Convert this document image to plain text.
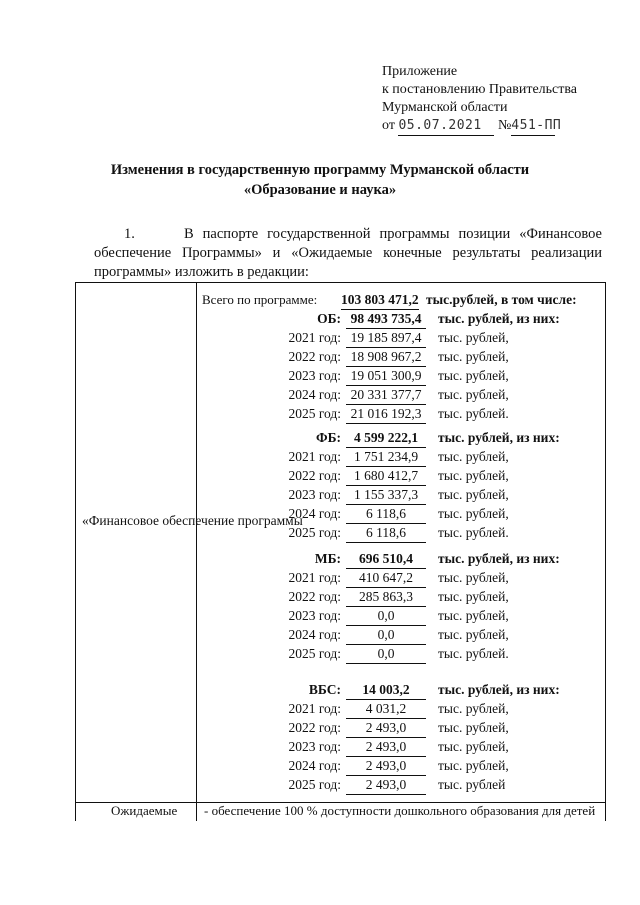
Приложение
к постановлению Правительства
Мурманской области
от 05.07.2021 №451-ПП
Изменения в государственную программу Мурманской области
«Образование и наука»
1.	В паспорте государственной программы позиции «Финансовое обеспечение Программы» и «Ожидаемые конечные результаты реализации программы» изложить в редакции:
«Финансовое обеспечение программы
Всего по программе: 103 803 471,2 тыс.рублей, в том числе:
ОБ: 98 493 735,4	тыс. рублей, из них:
2021 год: 19 185 897,4	тыс. рублей,
2022 год: 18 908 967,2	тыс. рублей,
2023 год: 19 051 300,9	тыс. рублей,
2024 год: 20 331 377,7	тыс. рублей,
2025 год: 21 016 192,3	тыс. рублей.
ФБ: 4 599 222,1	тыс. рублей, из них:
2021 год: 1 751 234,9	тыс. рублей,
2022 год: 1 680 412,7	тыс. рублей,
2023 год: 1 155 337,3	тыс. рублей,
2024 год:	6 118,6	тыс. рублей,
2025 год:	6 118,6	тыс. рублей.
МБ:	696 510,4	тыс. рублей, из них:
2021 год:	410 647,2	тыс. рублей,
2022 год:	285 863,3	тыс. рублей,
2023 год:	0,0	тыс. рублей,
2024 год:	0,0	тыс. рублей,
2025 год:	0,0	тыс. рублей.
ВБС:	14 003,2	тыс. рублей, из них:
2021 год:	4 031,2	тыс. рублей,
2022 год:	2 493,0	тыс. рублей,
2023 год:	2 493,0	тыс. рублей,
2024 год:	2 493,0	тыс. рублей,
2025 год:	2 493,0	тыс. рублей
Ожидаемые - обеспечение 100 % доступности дошкольного образования для детей
